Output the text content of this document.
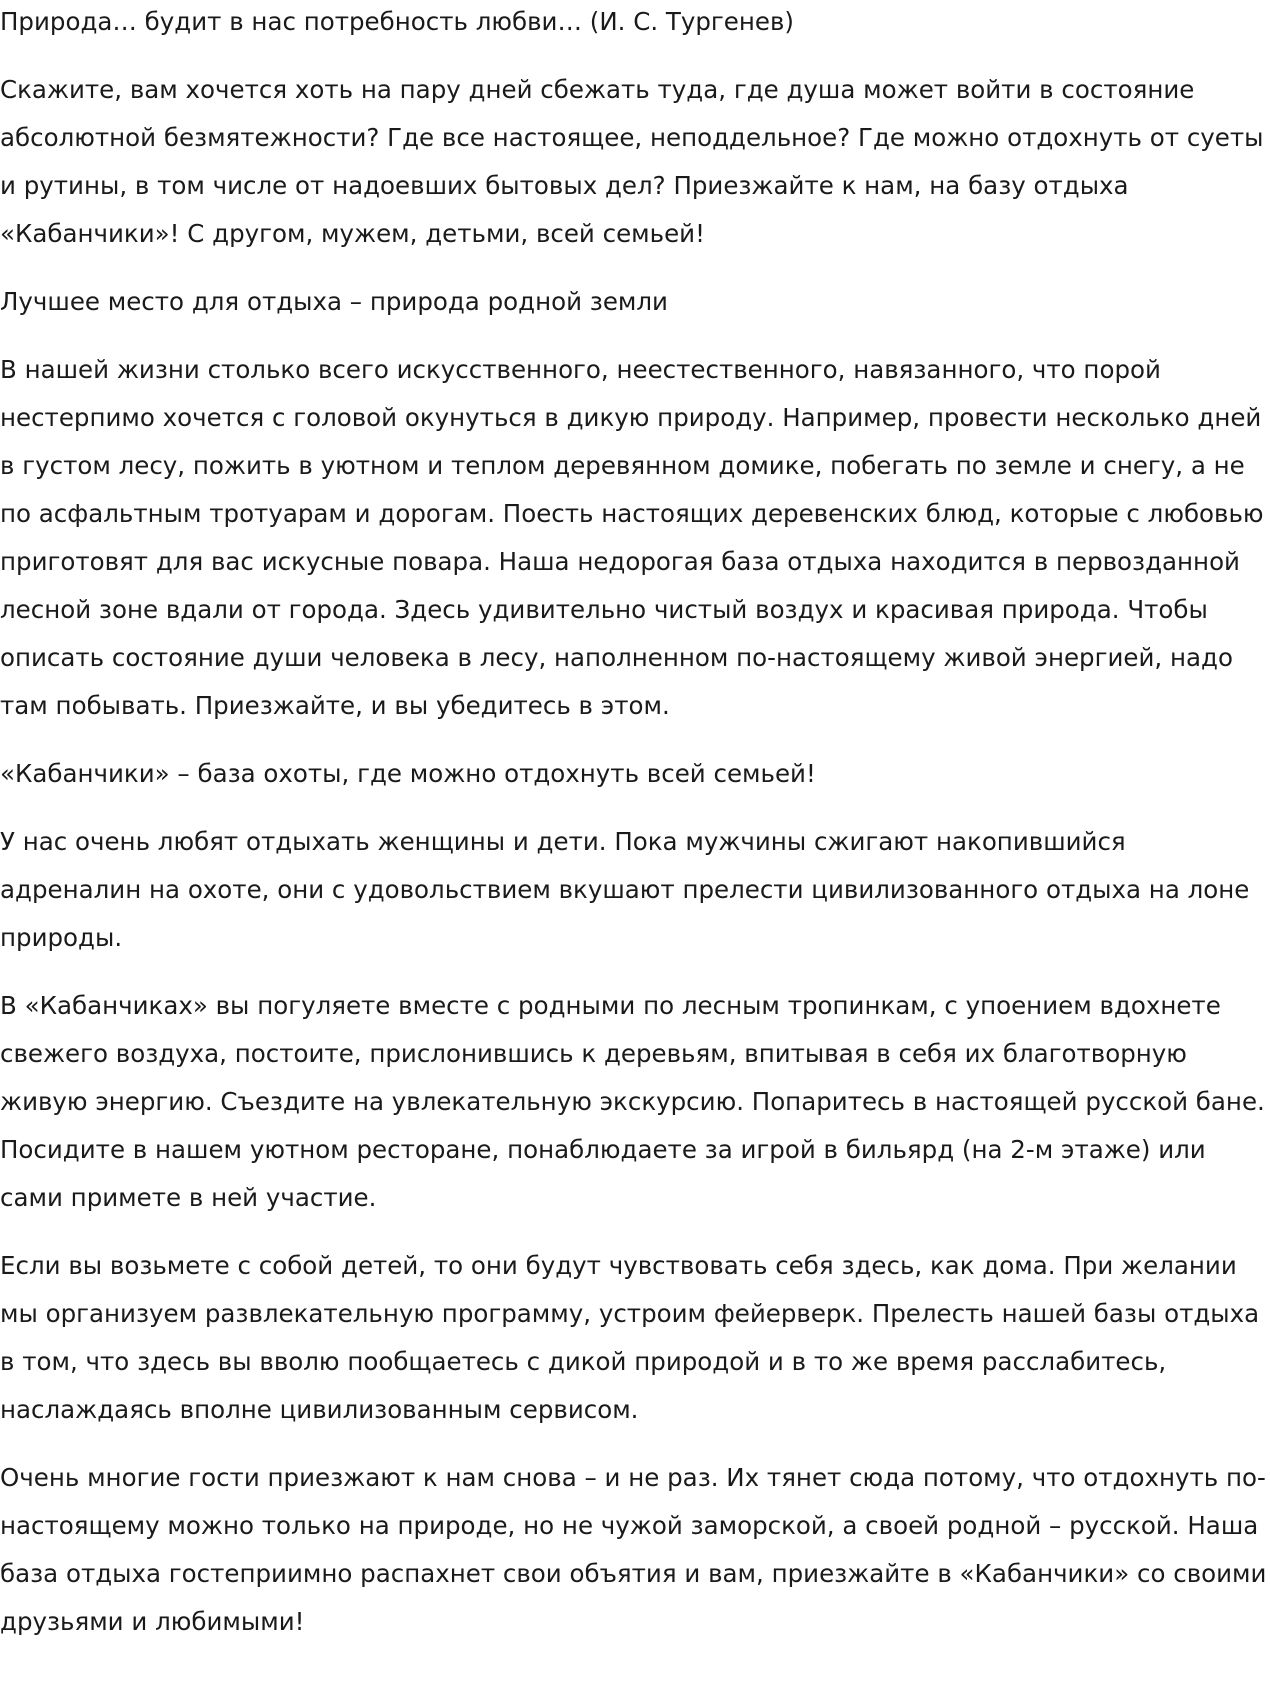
Природа… будит в нас потребность любви… (И. С. Тургенев)

Скажите, вам хочется хоть на пару дней сбежать туда, где душа может войти в состояние абсолютной безмятежности? Где все настоящее, неподдельное? Где можно отдохнуть от суеты и рутины, в том числе от надоевших бытовых дел? Приезжайте к нам, на базу отдыха «Кабанчики»! С другом, мужем, детьми, всей семьей!

Лучшее место для отдыха – природа родной земли

В нашей жизни столько всего искусственного, неестественного, навязанного, что порой нестерпимо хочется с головой окунуться в дикую природу. Например, провести несколько дней в густом лесу, пожить в уютном и теплом деревянном домике, побегать по земле и снегу, а не по асфальтным тротуарам и дорогам. Поесть настоящих деревенских блюд, которые с любовью приготовят для вас искусные повара. Наша недорогая база отдыха находится в первозданной лесной зоне вдали от города. Здесь удивительно чистый воздух и красивая природа. Чтобы описать состояние души человека в лесу, наполненном по-настоящему живой энергией, надо там побывать. Приезжайте, и вы убедитесь в этом.

«Кабанчики» – база охоты, где можно отдохнуть всей семьей!

У нас очень любят отдыхать женщины и дети. Пока мужчины сжигают накопившийся адреналин на охоте, они с удовольствием вкушают прелести цивилизованного отдыха на лоне природы.

В «Кабанчиках» вы погуляете вместе с родными по лесным тропинкам, с упоением вдохнете свежего воздуха, постоите, прислонившись к деревьям, впитывая в себя их благотворную живую энергию. Съездите на увлекательную экскурсию. Попаритесь в настоящей русской бане. Посидите в нашем уютном ресторане, понаблюдаете за игрой в бильярд (на 2-м этаже) или сами примете в ней участие.

Если вы возьмете с собой детей, то они будут чувствовать себя здесь, как дома. При желании мы организуем развлекательную программу, устроим фейерверк. Прелесть нашей базы отдыха в том, что здесь вы вволю пообщаетесь с дикой природой и в то же время расслабитесь, наслаждаясь вполне цивилизованным сервисом.

Очень многие гости приезжают к нам снова – и не раз. Их тянет сюда потому, что отдохнуть по-настоящему можно только на природе, но не чужой заморской, а своей родной – русской. Наша база отдыха гостеприимно распахнет свои объятия и вам, приезжайте в «Кабанчики» со своими друзьями и любимыми!
